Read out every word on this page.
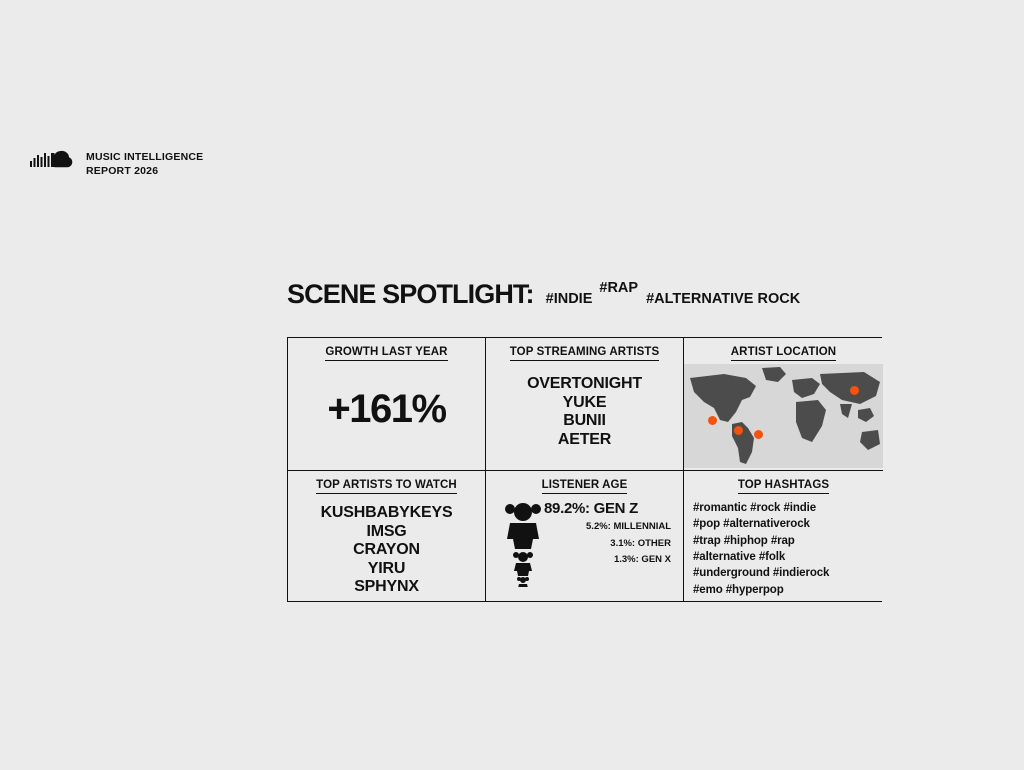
MUSIC INTELLIGENCE
REPORT 2026
SCENE SPOTLIGHT: #INDIE
#RAP
#ALTERNATIVE ROCK
GROWTH LAST YEAR
+161%
TOP STREAMING ARTISTS
OVERTONIGHT
YUKE
BUNII
AETER
ARTIST LOCATION
TOP ARTISTS TO WATCH
KUSHBABYKEYS
IMSG
CRAYON
YIRU
SPHYNX
LISTENER AGE
89.2%: GEN Z
5.2%: MILLENNIAL
3.1%: OTHER
1.3%: GEN X
TOP HASHTAGS
#romantic #rock #indie
#pop #alternativerock
#trap #hiphop #rap
#alternative #folk
#underground #indierock
#emo #hyperpop
